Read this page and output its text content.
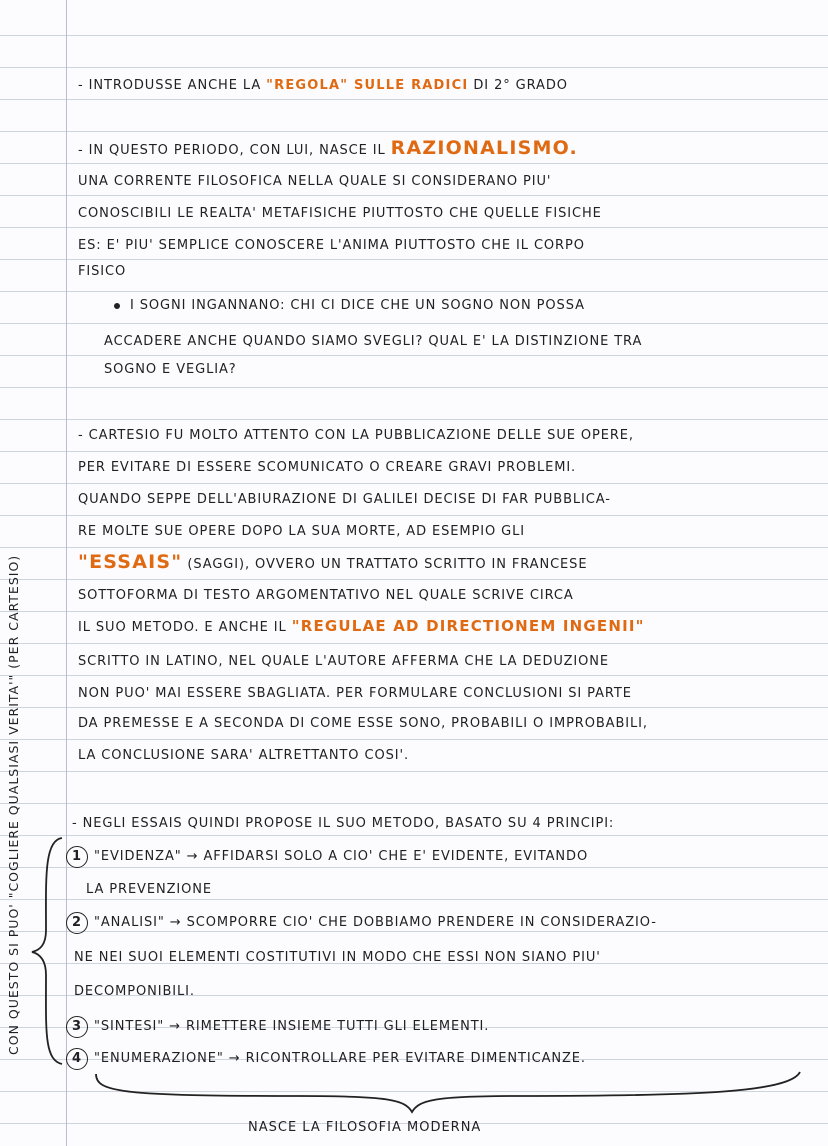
- INTRODUSSE ANCHE LA "REGOLA" SULLE RADICI DI 2° GRADO
- IN QUESTO PERIODO, CON LUI, NASCE IL RAZIONALISMO.
UNA CORRENTE FILOSOFICA NELLA QUALE SI CONSIDERANO PIU'
CONOSCIBILI LE REALTA' METAFISICHE PIUTTOSTO CHE QUELLE FISICHE
ES: E' PIU' SEMPLICE CONOSCERE L'ANIMA PIUTTOSTO CHE IL CORPO
FISICO
I SOGNI INGANNANO: CHI CI DICE CHE UN SOGNO NON POSSA
ACCADERE ANCHE QUANDO SIAMO SVEGLI? QUAL E' LA DISTINZIONE TRA
SOGNO E VEGLIA?
- CARTESIO FU MOLTO ATTENTO CON LA PUBBLICAZIONE DELLE SUE OPERE,
PER EVITARE DI ESSERE SCOMUNICATO O CREARE GRAVI PROBLEMI.
QUANDO SEPPE DELL'ABIURAZIONE DI GALILEI DECISE DI FAR PUBBLICA-
RE MOLTE SUE OPERE DOPO LA SUA MORTE, AD ESEMPIO GLI
"ESSAIS" (SAGGI), OVVERO UN TRATTATO SCRITTO IN FRANCESE
SOTTOFORMA DI TESTO ARGOMENTATIVO NEL QUALE SCRIVE CIRCA
IL SUO METODO. E ANCHE IL "REGULAE AD DIRECTIONEM INGENII"
SCRITTO IN LATINO, NEL QUALE L'AUTORE AFFERMA CHE LA DEDUZIONE
NON PUO' MAI ESSERE SBAGLIATA. PER FORMULARE CONCLUSIONI SI PARTE
DA PREMESSE E A SECONDA DI COME ESSE SONO, PROBABILI O IMPROBABILI,
LA CONCLUSIONE SARA' ALTRETTANTO COSI'.
- NEGLI ESSAIS QUINDI PROPOSE IL SUO METODO, BASATO SU 4 PRINCIPI:
1 "EVIDENZA" → AFFIDARSI SOLO A CIO' CHE E' EVIDENTE, EVITANDO
LA PREVENZIONE
2 "ANALISI" → SCOMPORRE CIO' CHE DOBBIAMO PRENDERE IN CONSIDERAZIO-
NE NEI SUOI ELEMENTI COSTITUTIVI IN MODO CHE ESSI NON SIANO PIU'
DECOMPONIBILI.
3 "SINTESI" → RIMETTERE INSIEME TUTTI GLI ELEMENTI.
4 "ENUMERAZIONE" → RICONTROLLARE PER EVITARE DIMENTICANZE.
CON QUESTO SI PUO' "COGLIERE QUALSIASI VERITA'" (PER CARTESIO)
NASCE LA FILOSOFIA MODERNA
